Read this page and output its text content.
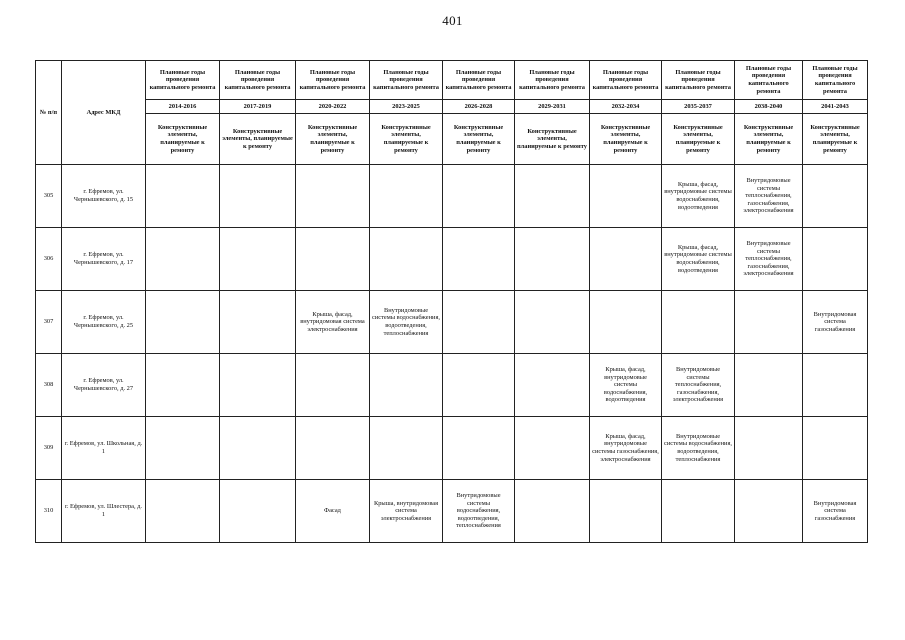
401
№ п/п	Адрес МКД	Плановые годы проведения капитального ремонта	Плановые годы проведения капитального ремонта	Плановые годы проведения капитального ремонта	Плановые годы проведения капитального ремонта	Плановые годы проведения капитального ремонта	Плановые годы проведения капитального ремонта	Плановые годы проведения капитального ремонта	Плановые годы проведения капитального ремонта	Плановые годы проведения капитального ремонта	Плановые годы проведения капитального ремонта
		2014-2016	2017-2019	2020-2022	2023-2025	2026-2028	2029-2031	2032-2034	2035-2037	2038-2040	2041-2043
		Конструктивные элементы, планируемые к ремонту	Конструктивные элементы, планируемые к ремонту	Конструктивные элементы, планируемые к ремонту	Конструктивные элементы, планируемые к ремонту	Конструктивные элементы, планируемые к ремонту	Конструктивные элементы, планируемые к ремонту	Конструктивные элементы, планируемые к ремонту	Конструктивные элементы, планируемые к ремонту	Конструктивные элементы, планируемые к ремонту	Конструктивные элементы, планируемые к ремонту
305	г. Ефремов, ул. Чернышевского, д. 15								Крыша, фасад, внутридомовые системы водоснабжения, водоотведения	Внутридомовые системы теплоснабжения, газоснабжения, электроснабжения	
306	г. Ефремов, ул. Чернышевского, д. 17								Крыша, фасад, внутридомовые системы водоснабжения, водоотведения	Внутридомовые системы теплоснабжения, газоснабжения, электроснабжения	
307	г. Ефремов, ул. Чернышевского, д. 25			Крыша, фасад, внутридомовая система электроснабжения	Внутридомовые системы водоснабжения, водоотведения, теплоснабжения						Внутридомовая система газоснабжения
308	г. Ефремов, ул. Чернышевского, д. 27							Крыша, фасад, внутридомовые системы водоснабжения, водоотведения	Внутридомовые системы теплоснабжения, газоснабжения, электроснабжения		
309	г. Ефремов, ул. Школьная, д. 1							Крыша, фасад, внутридомовые системы газоснабжения, электроснабжения	Внутридомовые системы водоснабжения, водоотведения, теплоснабжения		
310	г. Ефремов, ул. Шлестера, д. 1			Фасад	Крыша, внутридомовая система электроснабжения	Внутридомовые системы водоснабжения, водоотведения, теплоснабжения					Внутридомовая система газоснабжения
